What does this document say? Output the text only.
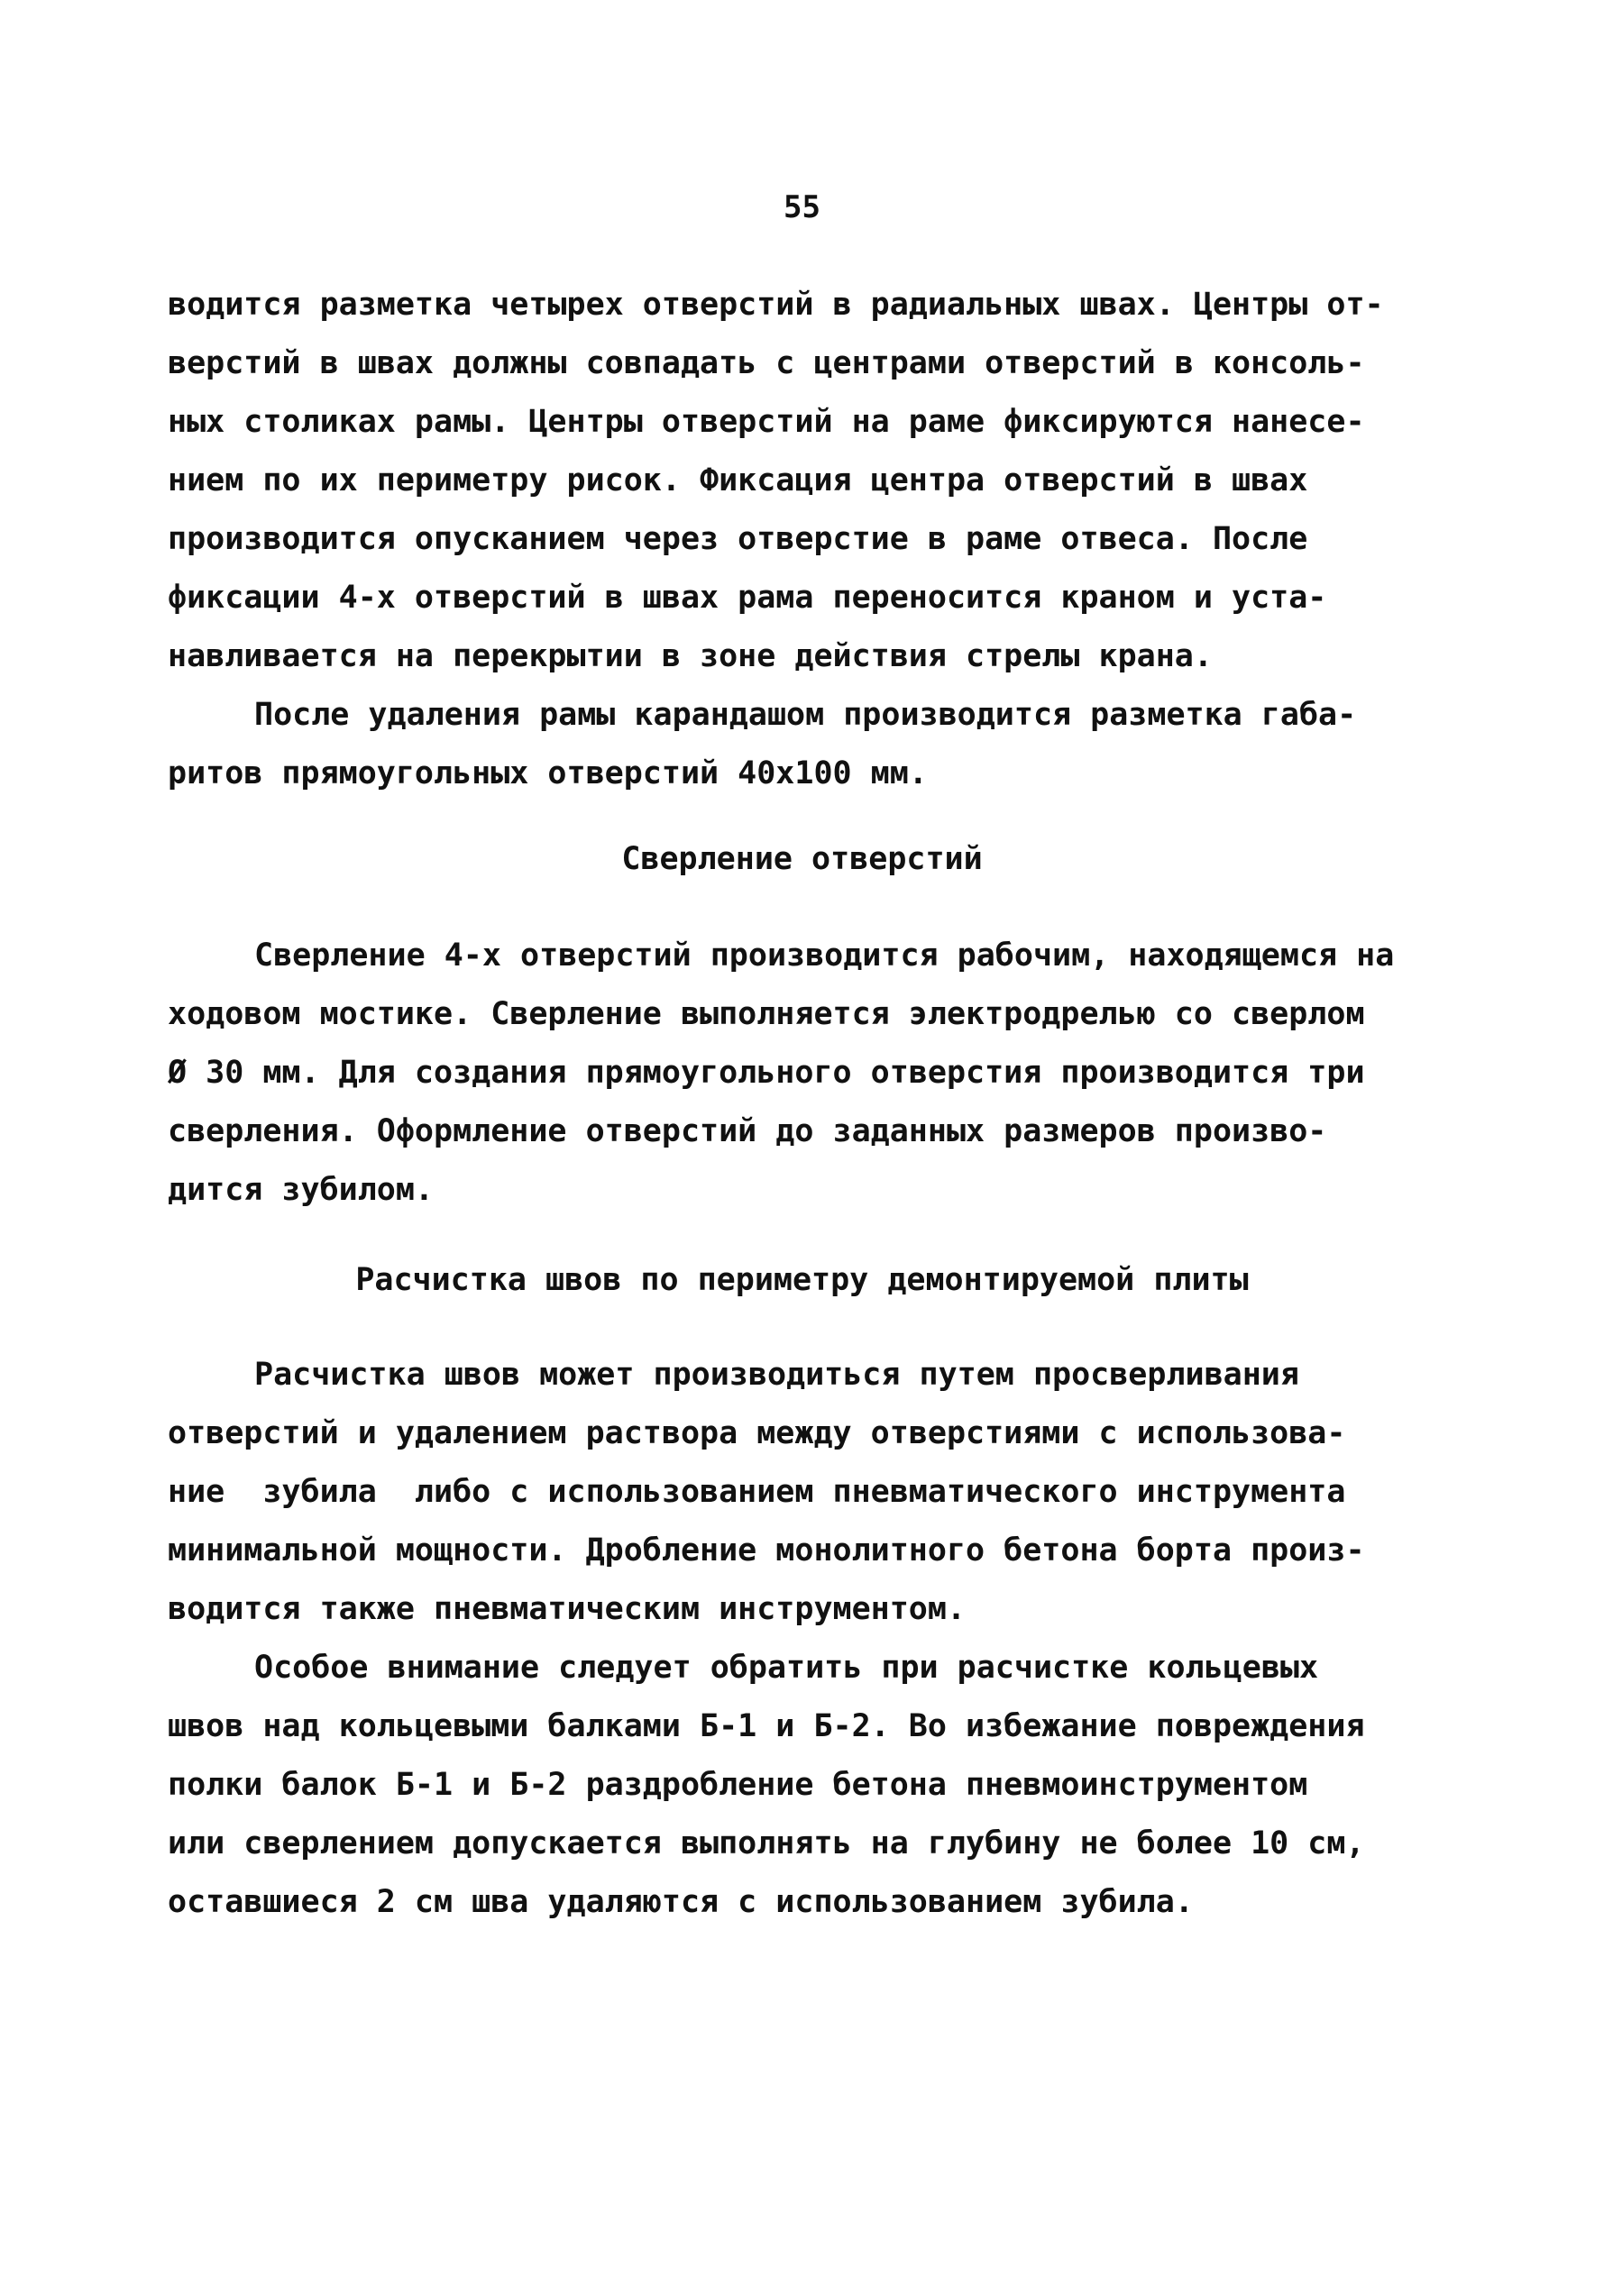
55
водится разметка четырех отверстий в радиальных швах. Центры от-
верстий в швах должны совпадать с центрами отверстий в консоль-
ных столиках рамы. Центры отверстий на раме фиксируются нанесе-
нием по их периметру рисок. Фиксация центра отверстий в швах
производится опусканием через отверстие в раме отвеса. После
фиксации 4-х отверстий в швах рама переносится краном и уста-
навливается на перекрытии в зоне действия стрелы крана.
После удаления рамы карандашом производится разметка габа-
ритов прямоугольных отверстий 40х100 мм.
Сверление отверстий
Сверление 4-х отверстий производится рабочим, находящемся на
ходовом мостике. Сверление выполняется электродрелью со сверлом
Ø 30 мм. Для создания прямоугольного отверстия производится три
сверления. Оформление отверстий до заданных размеров произво-
дится зубилом.
Расчистка швов по периметру демонтируемой плиты
Расчистка швов может производиться путем просверливания
отверстий и удалением раствора между отверстиями с использова-
ние  зубила  либо с использованием пневматического инструмента
минимальной мощности. Дробление монолитного бетона борта произ-
водится также пневматическим инструментом.
Особое внимание следует обратить при расчистке кольцевых
швов над кольцевыми балками Б-1 и Б-2. Во избежание повреждения
полки балок Б-1 и Б-2 раздробление бетона пневмоинструментом
или сверлением допускается выполнять на глубину не более 10 см,
оставшиеся 2 см шва удаляются с использованием зубила.
